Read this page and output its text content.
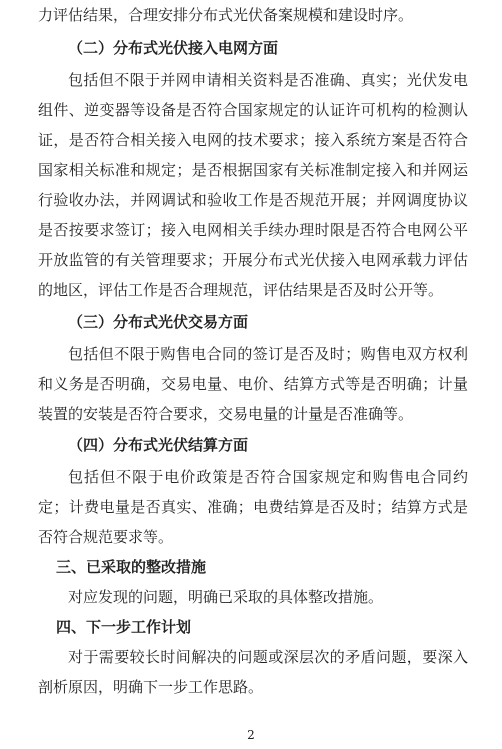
力评估结果，合理安排分布式光伏备案规模和建设时序。
（二）分布式光伏接入电网方面
包括但不限于并网申请相关资料是否准确、真实；光伏发电
组件、逆变器等设备是否符合国家规定的认证许可机构的检测认
证，是否符合相关接入电网的技术要求；接入系统方案是否符合
国家相关标准和规定；是否根据国家有关标准制定接入和并网运
行验收办法，并网调试和验收工作是否规范开展；并网调度协议
是否按要求签订；接入电网相关手续办理时限是否符合电网公平
开放监管的有关管理要求；开展分布式光伏接入电网承载力评估
的地区，评估工作是否合理规范，评估结果是否及时公开等。
（三）分布式光伏交易方面
包括但不限于购售电合同的签订是否及时；购售电双方权利
和义务是否明确，交易电量、电价、结算方式等是否明确；计量
装置的安装是否符合要求，交易电量的计量是否准确等。
（四）分布式光伏结算方面
包括但不限于电价政策是否符合国家规定和购售电合同约
定；计费电量是否真实、准确；电费结算是否及时；结算方式是
否符合规范要求等。
三、已采取的整改措施
对应发现的问题，明确已采取的具体整改措施。
四、下一步工作计划
对于需要较长时间解决的问题或深层次的矛盾问题，要深入
剖析原因，明确下一步工作思路。
2
